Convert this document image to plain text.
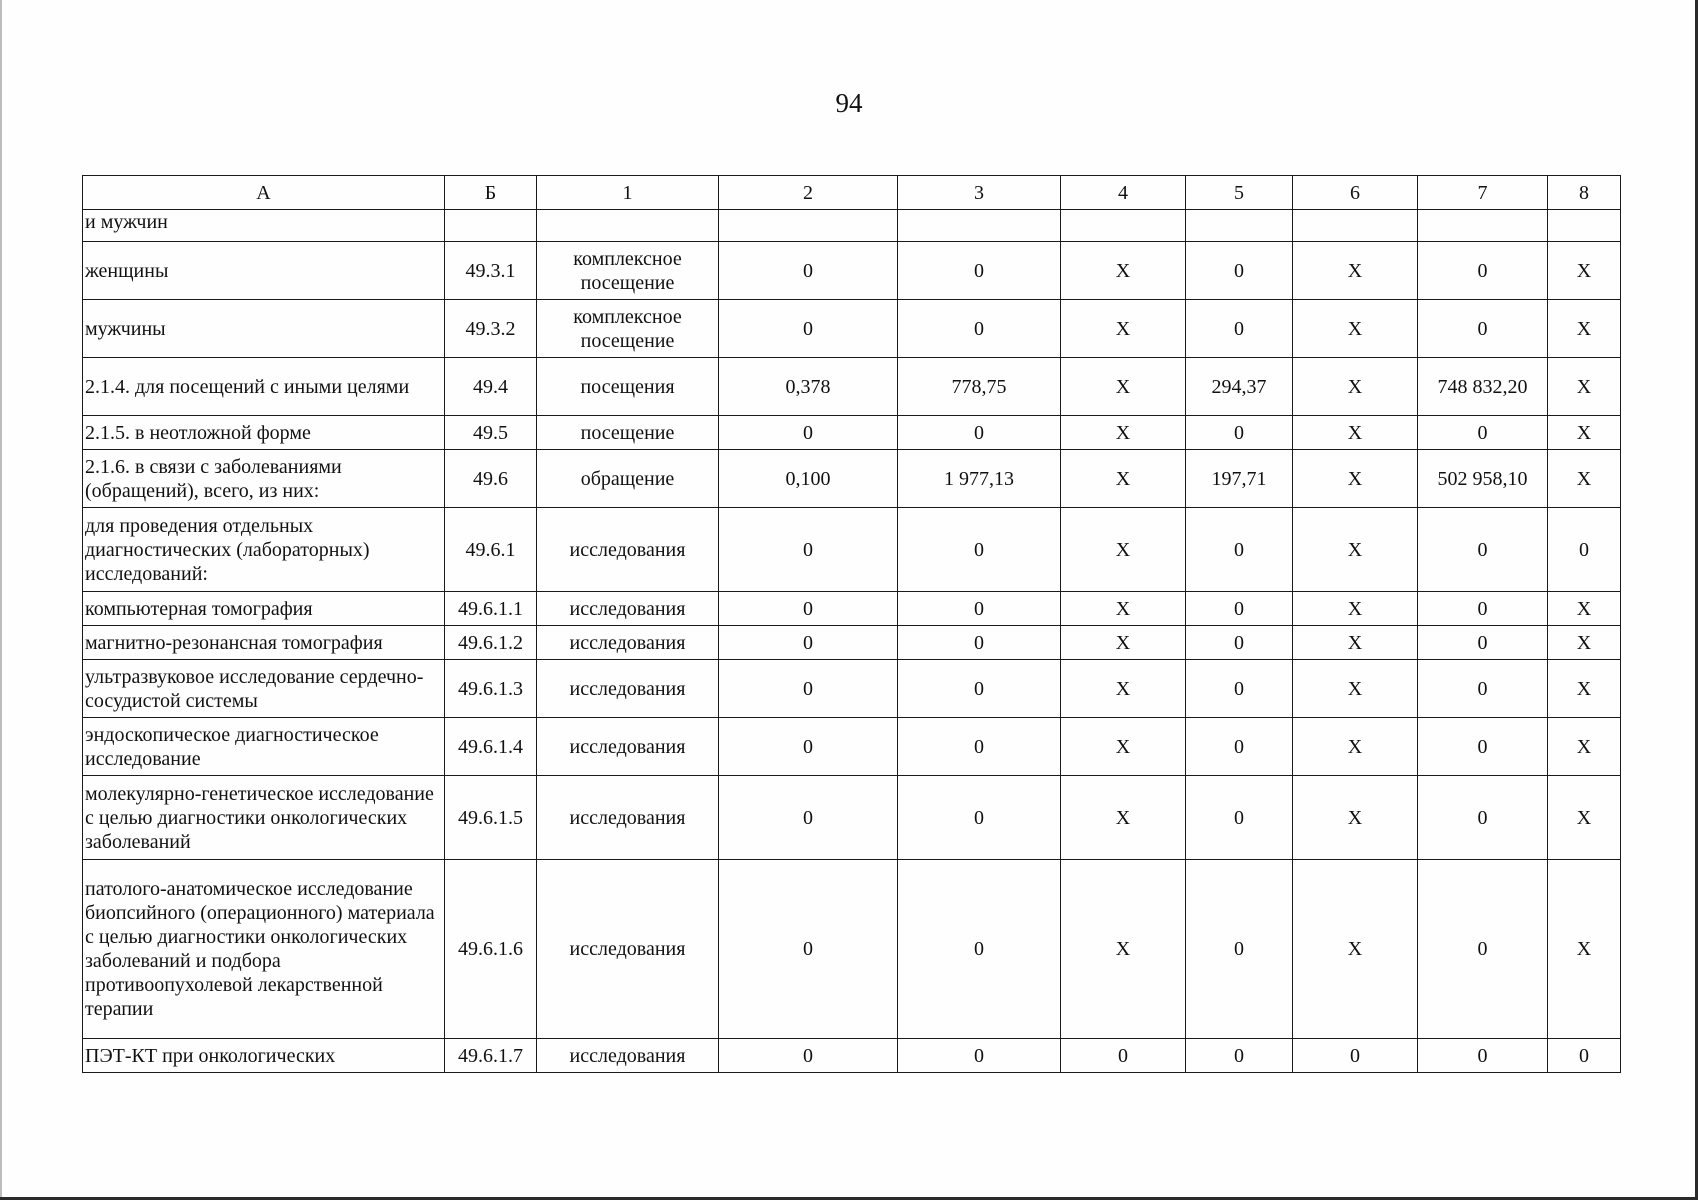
94
А	Б	1	2	3	4	5	6	7	8
и мужчин									
женщины	49.3.1	комплексное посещение	0	0	X	0	X	0	X
мужчины	49.3.2	комплексное посещение	0	0	X	0	X	0	X
2.1.4. для посещений с иными целями	49.4	посещения	0,378	778,75	X	294,37	X	748 832,20	X
2.1.5. в неотложной форме	49.5	посещение	0	0	X	0	X	0	X
2.1.6. в связи с заболеваниями (обращений), всего, из них:	49.6	обращение	0,100	1 977,13	X	197,71	X	502 958,10	X
для проведения отдельных диагностических (лабораторных) исследований:	49.6.1	исследования	0	0	X	0	X	0	0
компьютерная томография	49.6.1.1	исследования	0	0	X	0	X	0	X
магнитно-резонансная томография	49.6.1.2	исследования	0	0	X	0	X	0	X
ультразвуковое исследование сердечно-сосудистой системы	49.6.1.3	исследования	0	0	X	0	X	0	X
эндоскопическое диагностическое исследование	49.6.1.4	исследования	0	0	X	0	X	0	X
молекулярно-генетическое исследование с целью диагностики онкологических заболеваний	49.6.1.5	исследования	0	0	X	0	X	0	X
патолого-анатомическое исследование биопсийного (операционного) материала с целью диагностики онкологических заболеваний и подбора противоопухолевой лекарственной терапии	49.6.1.6	исследования	0	0	X	0	X	0	X
ПЭТ-КТ при онкологических	49.6.1.7	исследования	0	0	0	0	0	0	0
